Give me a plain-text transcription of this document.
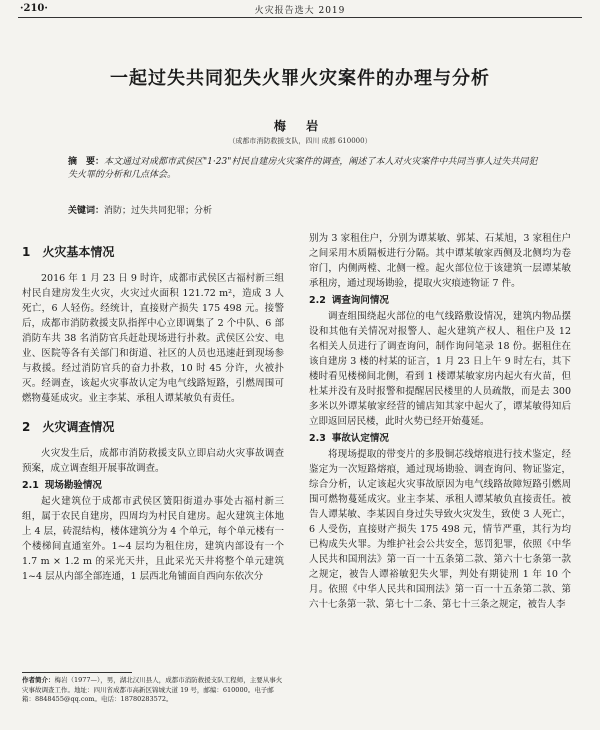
·210·	火灾报告选大 2019
一起过失共同犯失火罪火灾案件的办理与分析
梅 岩
（成都市消防救援支队，四川 成都 610000）
摘　要：本文通过对成都市武侯区"1·23"村民自建房火灾案件的调查，阐述了本人对火灾案件中共同当事人过失共同犯失火罪的分析和几点体会。
关键词：消防；过失共同犯罪；分析
1 火灾基本情况

2016 年 1 月 23 日 9 时许，成都市武侯区古福村新三组村民自建房发生火灾，火灾过火面积 121.72 m²，造成 3 人死亡，6 人轻伤。经统计，直接财产损失 175 498 元。接警后，成都市消防救援支队指挥中心立即调集了 2 个中队、6 部消防车共 38 名消防官兵赶赴现场进行扑救。武侯区公安、电业、医院等各有关部门和街道、社区的人员也迅速赶到现场参与救援。经过消防官兵的奋力扑救，10 时 45 分许，火被扑灭。经调查，该起火灾事故认定为电气线路短路，引燃周围可燃物蔓延成灾。业主李某、承租人谭某敏负有责任。

2 火灾调查情况

火灾发生后，成都市消防救援支队立即启动火灾事故调查预案，成立调查组开展事故调查。

2.1 现场勘验情况

起火建筑位于成都市武侯区簧阳街道办事处古福村新三组，属于农民自建房，四周均为村民自建房。起火建筑主体地上 4 层，砖混结构，楼体建筑分为 4 个单元，每个单元楼有一个楼梯间直通室外。1~4 层均为租住房，建筑内部设有一个 1.7 m × 1.2 m 的采光天井，且此采光天井将整个单元建筑 1~4 层从内部全部连通，1 层西北角铺面自西向东依次分

别为 3 家租住户，分别为谭某敏、郭某、石某旭，3 家租住户之间采用木质隔板进行分隔。其中谭某敏家西侧及北侧均为卷帘门，内侧两樘、北侧一樘。起火部位位于该建筑一层谭某敏承租房，通过现场勘验，提取火灾痕迹物证 7 件。

2.2 调查询问情况

调查组围绕起火部位的电气线路敷设情况，建筑内物品摆设和其他有关情况对报警人、起火建筑产权人、租住户及 12 名相关人员进行了调查询问，制作询问笔录 18 份。据租住在该自建房 3 楼的村某的证言，1 月 23 日上午 9 时左右，其下楼时看见楼梯间北侧，看到 1 楼谭某敏家房内起火有火苗，但杜某并没有及时报警和提醒居民楼里的人员疏散，而是去 300 多米以外谭某敏家经营的铺店知其家中起火了，谭某敏得知后立即返回居民楼，此时火势已经开始蔓延。

2.3 事故认定情况

将现场提取的带变片的多股铜芯线熔痕进行技术鉴定，经鉴定为一次短路熔痕，通过现场勘验、调查询问、物证鉴定，综合分析，认定该起火灾事故原因为电气线路故障短路引燃周围可燃物蔓延成灾。业主李某、承租人谭某敏负直接责任。被告人谭某敏、李某因自身过失导致火灾发生，致使 3 人死亡，6 人受伤，直接财产损失 175 498 元，情节严重，其行为均已构成失火罪。为维护社会公共安全，惩罚犯罪，依照《中华人民共和国刑法》第一百一十五条第二款、第六十七条第一款之规定，被告人谭裕敏犯失火罪，判处有期徒刑 1 年 10 个月。依照《中华人民共和国刑法》第一百一十五条第二款、第六十七条第一款、第七十二条、第七十三条之规定，被告人李

作者简介：梅岩（1977—），男，湖北汉川县人，成都市消防救援支队工程师，主要从事火灾事故调查工作。地址：四川省成都市高新区锦城大道 19 号，邮编：610000。电子邮箱：8848455@qq.com。电话：18780283572。
